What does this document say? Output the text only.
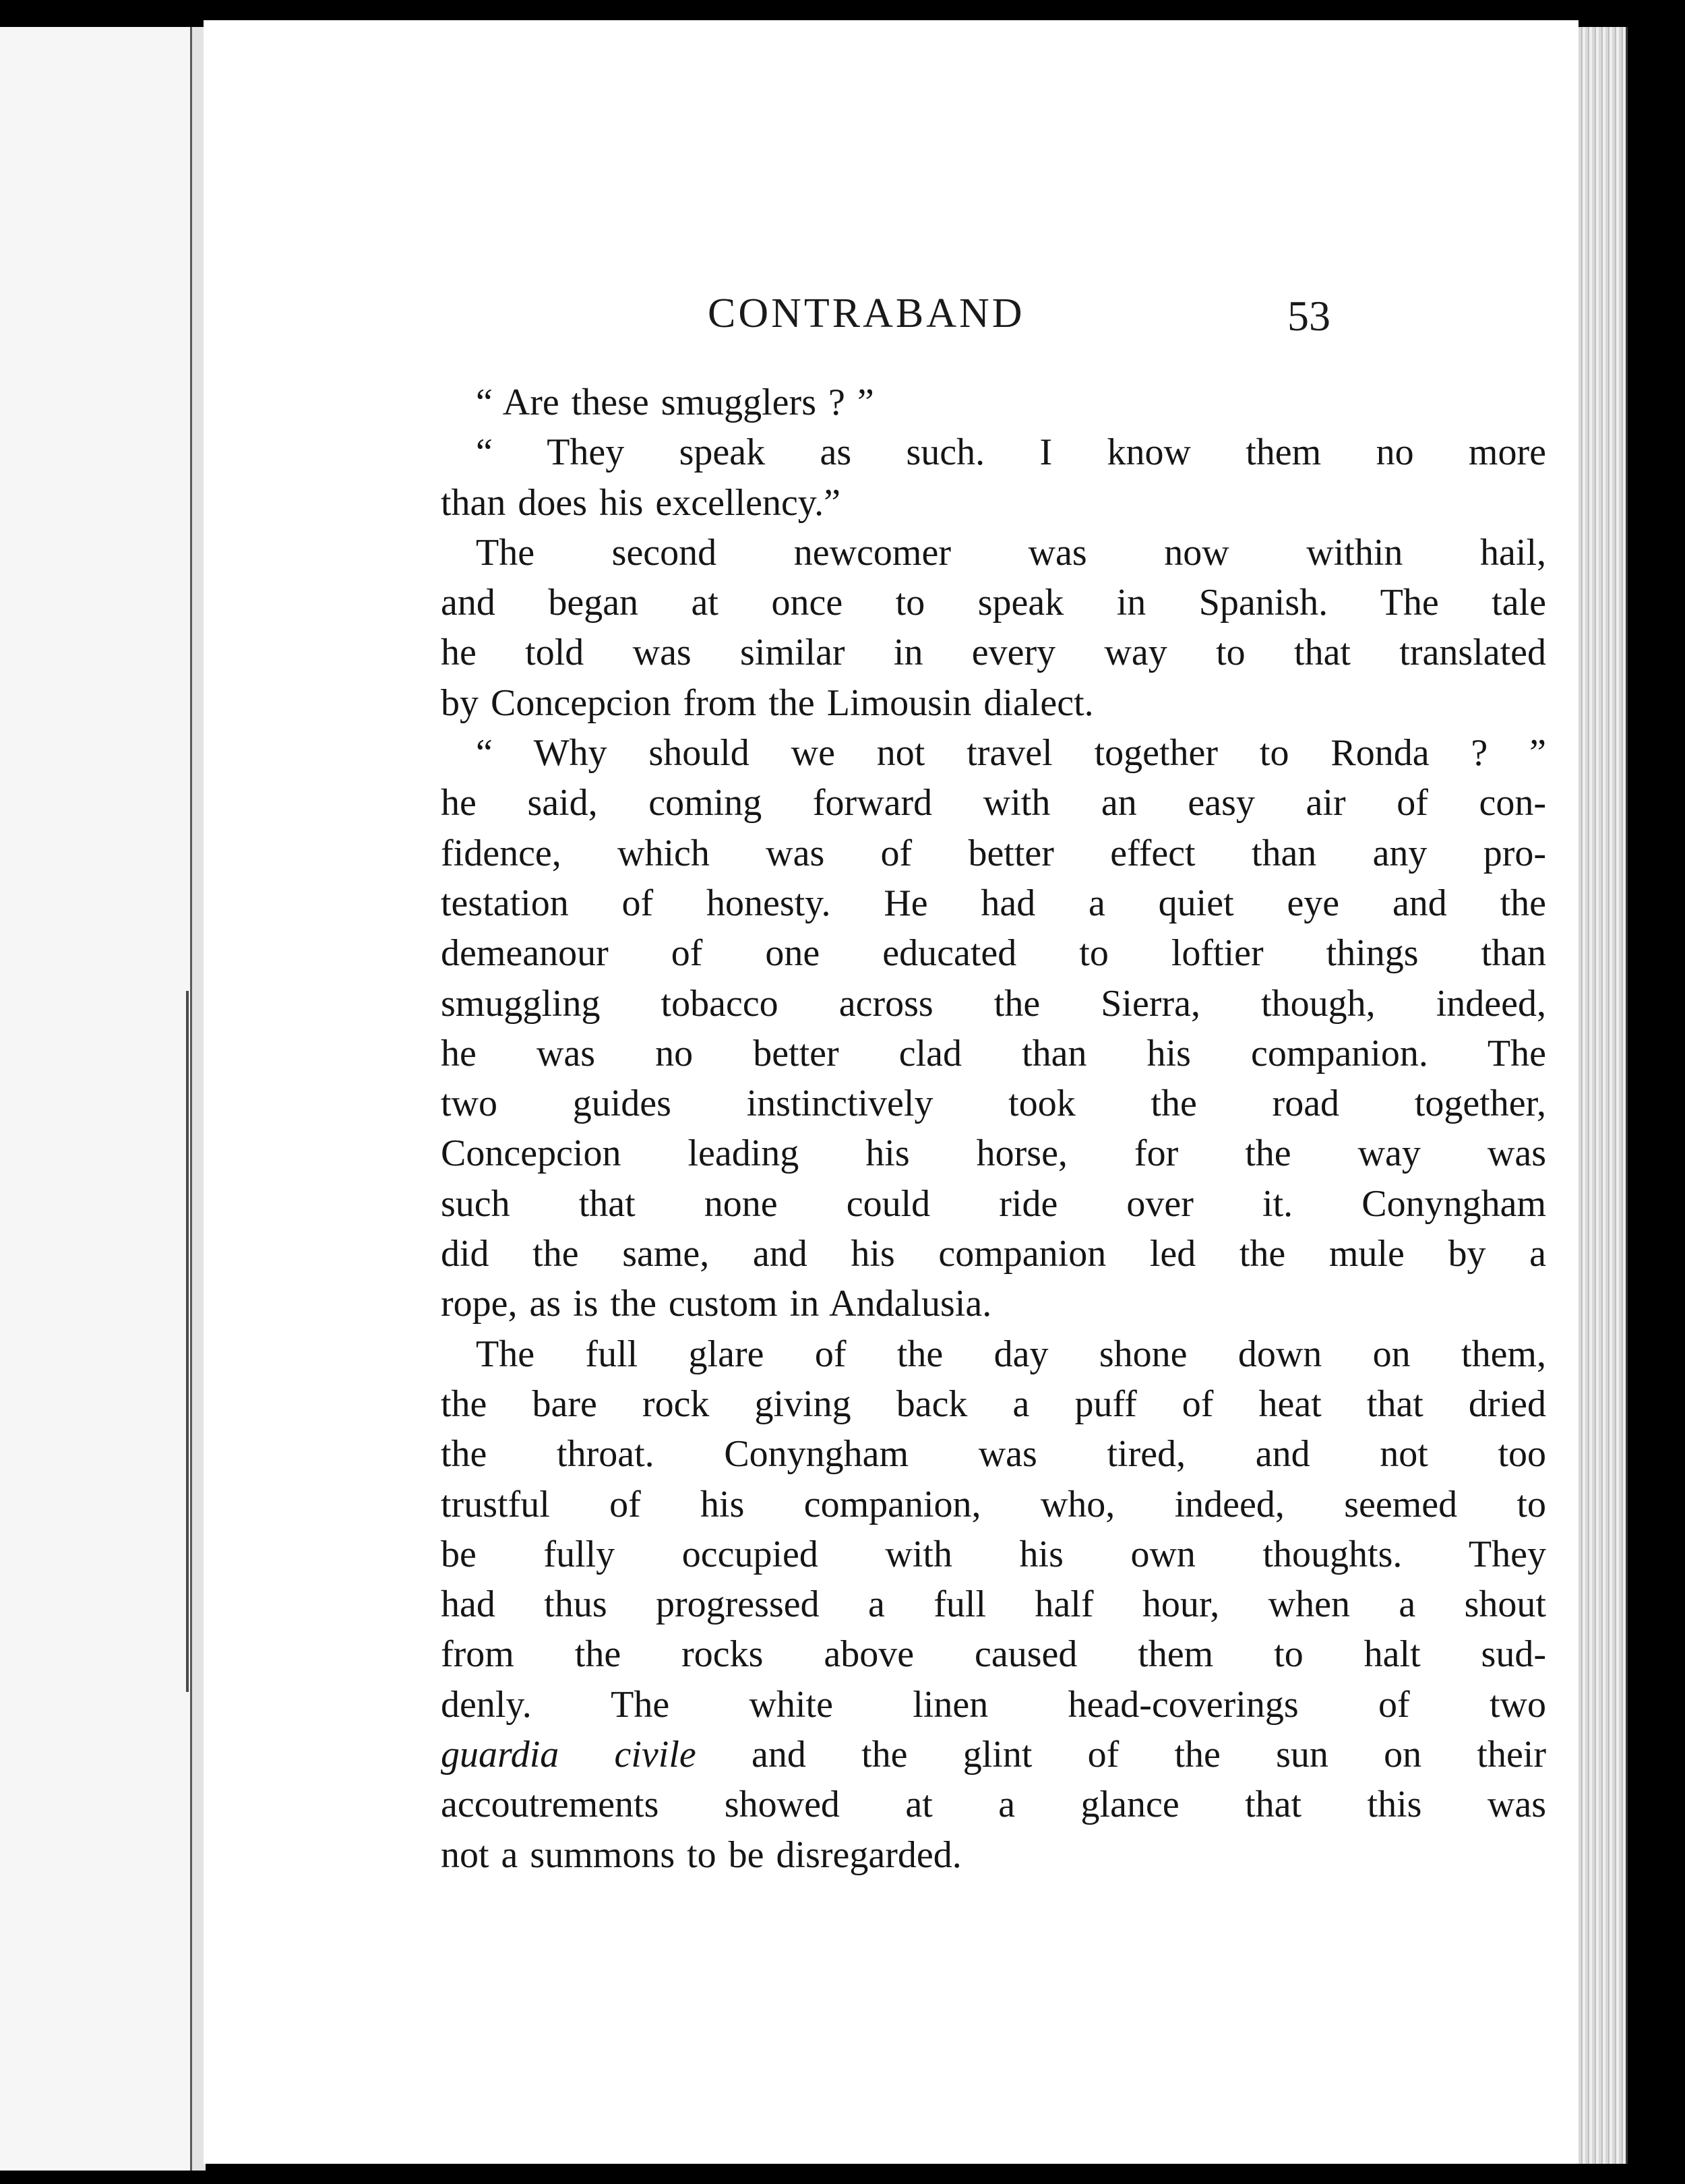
CONTRABAND	53
“ Are these smugglers ? ”
“ They speak as such. I know them no more
than does his excellency.”
The second newcomer was now within hail,
and began at once to speak in Spanish. The tale
he told was similar in every way to that translated
by Concepcion from the Limousin dialect.
“ Why should we not travel together to Ronda ? ”
he said, coming forward with an easy air of con-
fidence, which was of better effect than any pro-
testation of honesty. He had a quiet eye and the
demeanour of one educated to loftier things than
smuggling tobacco across the Sierra, though, indeed,
he was no better clad than his companion. The
two guides instinctively took the road together,
Concepcion leading his horse, for the way was
such that none could ride over it. Conyngham
did the same, and his companion led the mule by a
rope, as is the custom in Andalusia.
The full glare of the day shone down on them,
the bare rock giving back a puff of heat that dried
the throat. Conyngham was tired, and not too
trustful of his companion, who, indeed, seemed to
be fully occupied with his own thoughts. They
had thus progressed a full half hour, when a shout
from the rocks above caused them to halt sud-
denly. The white linen head-coverings of two
guardia civile and the glint of the sun on their
accoutrements showed at a glance that this was
not a summons to be disregarded.
